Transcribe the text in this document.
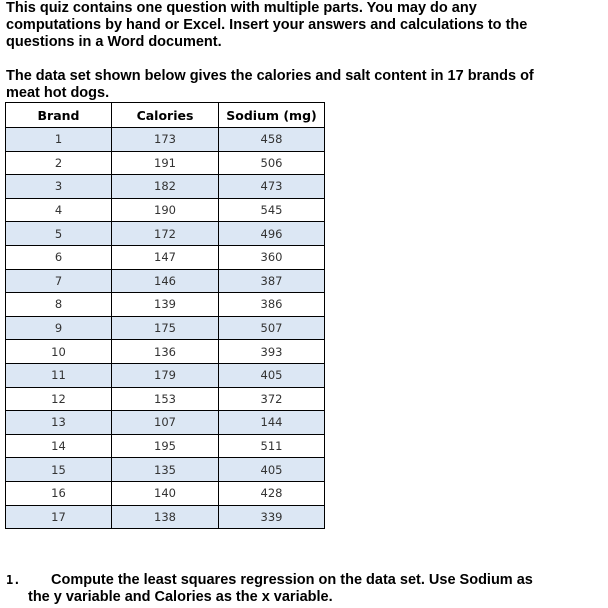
This quiz contains one question with multiple parts. You may do any
computations by hand or Excel. Insert your answers and calculations to the
questions in a Word document.
The data set shown below gives the calories and salt content in 17 brands of
meat hot dogs.
Brand	Calories	Sodium (mg)
1	173	458
2	191	506
3	182	473
4	190	545
5	172	496
6	147	360
7	146	387
8	139	386
9	175	507
10	136	393
11	179	405
12	153	372
13	107	144
14	195	511
15	135	405
16	140	428
17	138	339
1. Compute the least squares regression on the data set. Use Sodium as
the y variable and Calories as the x variable.
